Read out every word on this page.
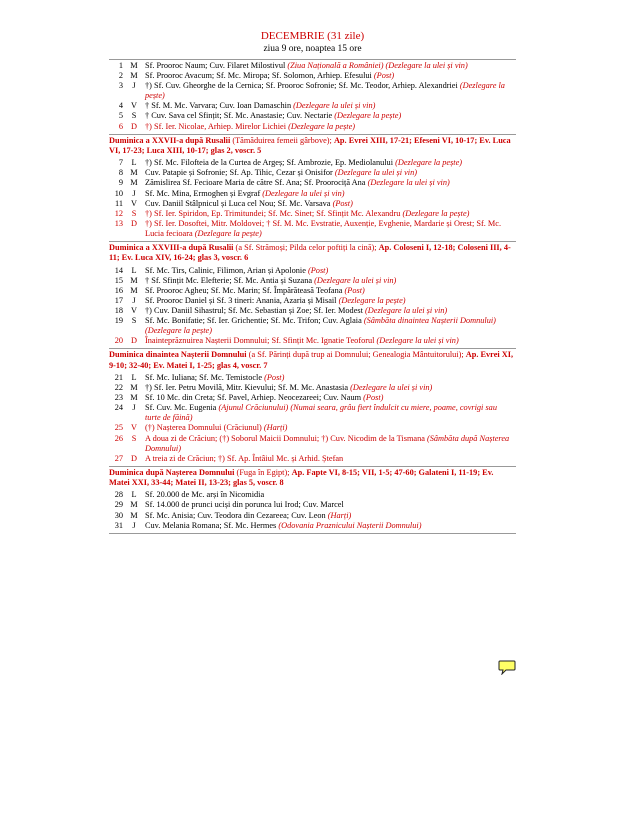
DECEMBRIE (31 zile)
ziua 9 ore, noaptea 15 ore
1 M Sf. Prooroc Naum; Cuv. Filaret Milostivul (Ziua Națională a României) (Dezlegare la ulei și vin)
2 M Sf. Prooroc Avacum; Sf. Mc. Miropa; Sf. Solomon, Arhiep. Efesului (Post)
3	J	†) Sf. Cuv. Gheorghe de la Cernica; Sf. Prooroc Sofronie; Sf. Mc. Teodor, Arhiep. Alexandriei (Dezlegare la pește)
4 V † Sf. M. Mc. Varvara; Cuv. Ioan Damaschin (Dezlegare la ulei și vin)
5	S	† Cuv. Sava cel Sfințit; Sf. Mc. Anastasie; Cuv. Nectarie (Dezlegare la pește)
6 D †) Sf. Ier. Nicolae, Arhiep. Mirelor Lichiei (Dezlegare la pește)
Duminica a XXVII-a după Rusalii (Tămăduirea femeii gârbove); Ap. Evrei XIII, 17-21; Efeseni VI, 10-17; Ev. Luca VI, 17-23; Luca XIII, 10-17; glas 2, voscr. 5
7	L	†) Sf. Mc. Filofteia de la Curtea de Argeș; Sf. Ambrozie, Ep. Mediolanului (Dezlegare la pește)
8 M Cuv. Patapie și Sofronie; Sf. Ap. Tihic, Cezar și Onisifor (Dezlegare la ulei și vin)
9 M Zămislirea Sf. Fecioare Maria de către Sf. Ana; Sf. Proorociță Ana (Dezlegare la ulei și vin)
10	J	Sf. Mc. Mina, Ermoghen și Evgraf (Dezlegare la ulei și vin)
11 V Cuv. Daniil Stâlpnicul și Luca cel Nou; Sf. Mc. Varsava (Post)
12	S	†) Sf. Ier. Spiridon, Ep. Trimitundei; Sf. Mc. Sinet; Sf. Sfințit Mc. Alexandru (Dezlegare la pește)
13 D †) Sf. Ier. Dosoftei, Mitr. Moldovei; † Sf. M. Mc. Evstratie, Auxenție, Evghenie, Mardarie și Orest; Sf. Mc. Lucia fecioara (Dezlegare la pește)
Duminica a XXVIII-a după Rusalii (a Sf. Strămoși; Pilda celor poftiți la cină); Ap. Coloseni I, 12-18; Coloseni III, 4-11; Ev. Luca XIV, 16-24; glas 3, voscr. 6
14	L	Sf. Mc. Tirs, Calinic, Filimon, Arian și Apolonie (Post)
15 M † Sf. Sfințit Mc. Elefterie; Sf. Mc. Antia și Suzana (Dezlegare la ulei și vin)
16 M Sf. Prooroc Agheu; Sf. Mc. Marin; Sf. Împărăteasă Teofana (Post)
17	J	Sf. Prooroc Daniel și Sf. 3 tineri: Anania, Azaria și Misail (Dezlegare la pește)
18 V †) Cuv. Daniil Sihastrul; Sf. Mc. Sebastian și Zoe; Sf. Ier. Modest (Dezlegare la ulei și vin)
19	S	Sf. Mc. Bonifatie; Sf. Ier. Grichentie; Sf. Mc. Trifon; Cuv. Aglaia (Sâmbăta dinaintea Nașterii Domnului) (Dezlegare la pește)
20 D Înainteprăznuirea Nașterii Domnului; Sf. Sfințit Mc. Ignatie Teoforul (Dezlegare la ulei și vin)
Duminica dinaintea Nașterii Domnului (a Sf. Părinți după trup ai Domnului; Genealogia Mântuitorului); Ap. Evrei XI, 9-10; 32-40; Ev. Matei I, 1-25; glas 4, voscr. 7
21	L	Sf. Mc. Iuliana; Sf. Mc. Temistocle (Post)
22 M †) Sf. Ier. Petru Movilă, Mitr. Kievului; Sf. M. Mc. Anastasia (Dezlegare la ulei și vin)
23 M Sf. 10 Mc. din Creta; Sf. Pavel, Arhiep. Neocezareei; Cuv. Naum (Post)
24	J	Sf. Cuv. Mc. Eugenia (Ajunul Crăciunului) (Numai seara, grâu fiert îndulcit cu miere, poame, covrigi sau turte de făină)
25 V (†) Nașterea Domnului (Crăciunul) (Harți)
26	S	A doua zi de Crăciun; (†) Soborul Maicii Domnului; †) Cuv. Nicodim de la Tismana (Sâmbăta după Nașterea Domnului)
27 D A treia zi de Crăciun; †) Sf. Ap. Întâiul Mc. și Arhid. Ștefan
Duminica după Nașterea Domnului (Fuga în Egipt); Ap. Fapte VI, 8-15; VII, 1-5; 47-60; Galateni I, 11-19; Ev. Matei XXI, 33-44; Matei II, 13-23; glas 5, voscr. 8
28	L	Sf. 20.000 de Mc. arși în Nicomidia
29 M Sf. 14.000 de prunci uciși din porunca lui Irod; Cuv. Marcel
30 M Sf. Mc. Anisia; Cuv. Teodora din Cezareea; Cuv. Leon (Harți)
31	J	Cuv. Melania Romana; Sf. Mc. Hermes (Odovania Praznicului Nașterii Domnului)
